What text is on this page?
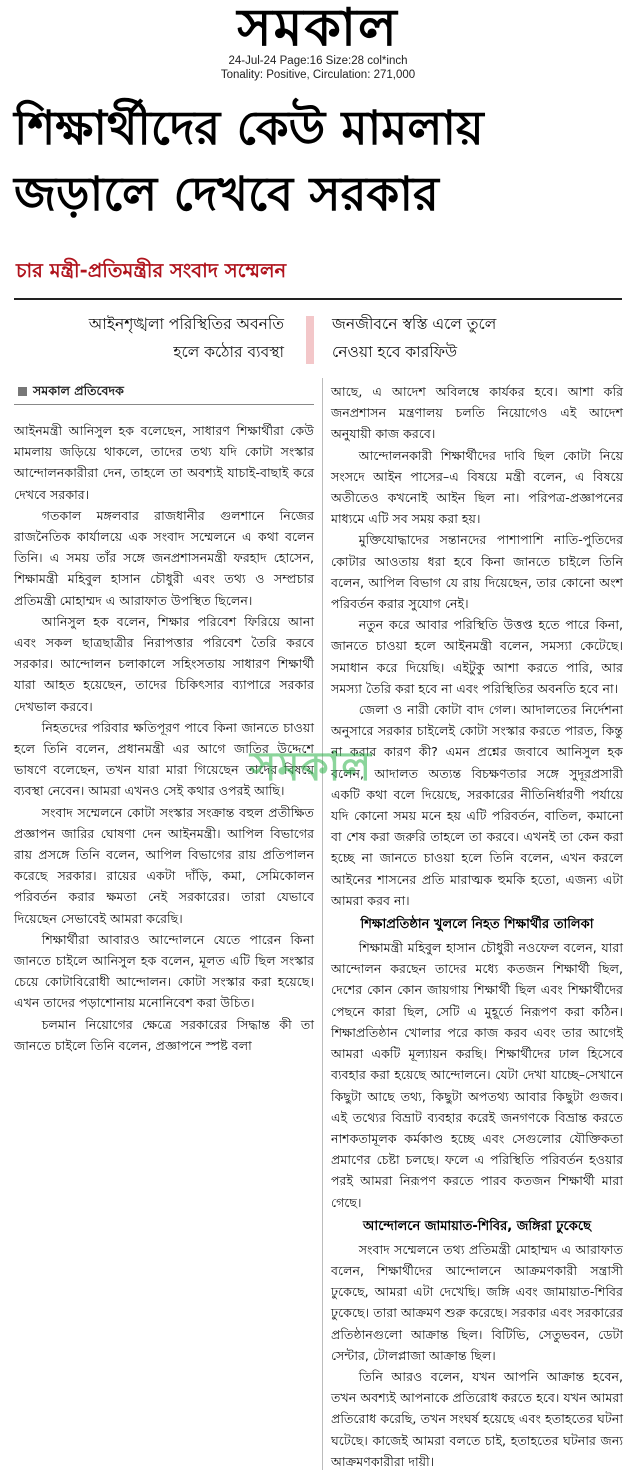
সমকাল
24-Jul-24 Page:16 Size:28 col*inch
Tonality: Positive, Circulation: 271,000
শিক্ষার্থীদের কেউ মামলায়
জড়ালে দেখবে সরকার
চার মন্ত্রী-প্রতিমন্ত্রীর সংবাদ সম্মেলন
আইনশৃঙ্খলা পরিস্থিতির অবনতি
হলে কঠোর ব্যবস্থা
জনজীবনে স্বস্তি এলে তুলে
নেওয়া হবে কারফিউ
সমকাল প্রতিবেদক

আইনমন্ত্রী আনিসুল হক বলেছেন, সাধারণ শিক্ষার্থীরা কেউ মামলায় জড়িয়ে থাকলে, তাদের তথ্য যদি কোটা সংস্কার আন্দোলনকারীরা দেন, তাহলে তা অবশ্যই যাচাই-বাছাই করে দেখবে সরকার।

গতকাল মঙ্গলবার রাজধানীর গুলশানে নিজের রাজনৈতিক কার্যালয়ে এক সংবাদ সম্মেলনে এ কথা বলেন তিনি। এ সময় তাঁর সঙ্গে জনপ্রশাসনমন্ত্রী ফরহাদ হোসেন, শিক্ষামন্ত্রী মহিবুল হাসান চৌধুরী এবং তথ্য ও সম্প্রচার প্রতিমন্ত্রী মোহাম্মদ এ আরাফাত উপস্থিত ছিলেন।

আনিসুল হক বলেন, শিক্ষার পরিবেশ ফিরিয়ে আনা এবং সকল ছাত্রছাত্রীর নিরাপত্তার পরিবেশ তৈরি করবে সরকার। আন্দোলন চলাকালে সহিংসতায় সাধারণ শিক্ষার্থী যারা আহত হয়েছেন, তাদের চিকিৎসার ব্যাপারে সরকার দেখভাল করবে।

নিহতদের পরিবার ক্ষতিপূরণ পাবে কিনা জানতে চাওয়া হলে তিনি বলেন, প্রধানমন্ত্রী এর আগে জাতির উদ্দেশে ভাষণে বলেছেন, তখন যারা মারা গিয়েছেন তাদের বিষয়ে ব্যবস্থা নেবেন। আমরা এখনও সেই কথার ওপরই আছি।

সংবাদ সম্মেলনে কোটা সংস্কার সংক্রান্ত বহুল প্রতীক্ষিত প্রজ্ঞাপন জারির ঘোষণা দেন আইনমন্ত্রী। আপিল বিভাগের রায় প্রসঙ্গে তিনি বলেন, আপিল বিভাগের রায় প্রতিপালন করেছে সরকার। রায়ের একটা দাঁড়ি, কমা, সেমিকোলন পরিবর্তন করার ক্ষমতা নেই সরকারের। তারা যেভাবে দিয়েছেন সেভাবেই আমরা করেছি।

শিক্ষার্থীরা আবারও আন্দোলনে যেতে পারেন কিনা জানতে চাইলে আনিসুল হক বলেন, মূলত এটি ছিল সংস্কার চেয়ে কোটাবিরোধী আন্দোলন। কোটা সংস্কার করা হয়েছে। এখন তাদের পড়াশোনায় মনোনিবেশ করা উচিত।

চলমান নিয়োগের ক্ষেত্রে সরকারের সিদ্ধান্ত কী তা জানতে চাইলে তিনি বলেন, প্রজ্ঞাপনে স্পষ্ট বলা

আছে, এ আদেশ অবিলম্বে কার্যকর হবে। আশা করি জনপ্রশাসন মন্ত্রণালয় চলতি নিয়োগেও এই আদেশ অনুযায়ী কাজ করবে।

আন্দোলনকারী শিক্ষার্থীদের দাবি ছিল কোটা নিয়ে সংসদে আইন পাসের–এ বিষয়ে মন্ত্রী বলেন, এ বিষয়ে অতীতেও কখনোই আইন ছিল না। পরিপত্র-প্রজ্ঞাপনের মাধ্যমে এটি সব সময় করা হয়।

মুক্তিযোদ্ধাদের সন্তানদের পাশাপাশি নাতি-পুতিদের কোটার আওতায় ধরা হবে কিনা জানতে চাইলে তিনি বলেন, আপিল বিভাগ যে রায় দিয়েছেন, তার কোনো অংশ পরিবর্তন করার সুযোগ নেই।

নতুন করে আবার পরিস্থিতি উত্তপ্ত হতে পারে কিনা, জানতে চাওয়া হলে আইনমন্ত্রী বলেন, সমস্যা কেটেছে। সমাধান করে দিয়েছি। এইটুকু আশা করতে পারি, আর সমস্যা তৈরি করা হবে না এবং পরিস্থিতির অবনতি হবে না।

জেলা ও নারী কোটা বাদ গেল। আদালতের নির্দেশনা অনুসারে সরকার চাইলেই কোটা সংস্কার করতে পারত, কিন্তু না করার কারণ কী? এমন প্রশ্নের জবাবে আনিসুল হক বলেন, আদালত অত্যন্ত বিচক্ষণতার সঙ্গে সুদূরপ্রসারী একটি কথা বলে দিয়েছে, সরকারের নীতিনির্ধারণী পর্যায়ে যদি কোনো সময় মনে হয় এটি পরিবর্তন, বাতিল, কমানো বা শেষ করা জরুরি তাহলে তা করবে। এখনই তা কেন করা হচ্ছে না জানতে চাওয়া হলে তিনি বলেন, এখন করলে আইনের শাসনের প্রতি মারাত্মক হুমকি হতো, এজন্য এটা আমরা করব না।

শিক্ষাপ্রতিষ্ঠান খুললে নিহত শিক্ষার্থীর তালিকা

শিক্ষামন্ত্রী মহিবুল হাসান চৌধুরী নওফেল বলেন, যারা আন্দোলন করছেন তাদের মধ্যে কতজন শিক্ষার্থী ছিল, দেশের কোন কোন জায়গায় শিক্ষার্থী ছিল এবং শিক্ষার্থীদের পেছনে কারা ছিল, সেটি এ মুহূর্তে নিরূপণ করা কঠিন। শিক্ষাপ্রতিষ্ঠান খোলার পরে কাজ করব এবং তার আগেই আমরা একটি মূল্যায়ন করছি। শিক্ষার্থীদের ঢাল হিসেবে ব্যবহার করা হয়েছে আন্দোলনে। যেটা দেখা যাচ্ছে–সেখানে কিছুটা আছে তথ্য, কিছুটা অপতথ্য আবার কিছুটা গুজব। এই তথ্যের বিভ্রাট ব্যবহার করেই জনগণকে বিভ্রান্ত করতে নাশকতামূলক কর্মকাণ্ড হচ্ছে এবং সেগুলোর যৌক্তিকতা প্রমাণের চেষ্টা চলছে। ফলে এ পরিস্থিতি পরিবর্তন হওয়ার পরই আমরা নিরূপণ করতে পারব কতজন শিক্ষার্থী মারা গেছে।

আন্দোলনে জামায়াত-শিবির, জঙ্গিরা ঢুকেছে

সংবাদ সম্মেলনে তথ্য প্রতিমন্ত্রী মোহাম্মদ এ আরাফাত বলেন, শিক্ষার্থীদের আন্দোলনে আক্রমণকারী সন্ত্রাসী ঢুকেছে, আমরা এটা দেখেছি। জঙ্গি এবং জামায়াত-শিবির ঢুকেছে। তারা আক্রমণ শুরু করেছে। সরকার এবং সরকারের প্রতিষ্ঠানগুলো আক্রান্ত ছিল। বিটিভি, সেতুভবন, ডেটা সেন্টার, টোলপ্লাজা আক্রান্ত ছিল।

তিনি আরও বলেন, যখন আপনি আক্রান্ত হবেন, তখন অবশ্যই আপনাকে প্রতিরোধ করতে হবে। যখন আমরা প্রতিরোধ করেছি, তখন সংঘর্ষ হয়েছে এবং হতাহতের ঘটনা ঘটেছে। কাজেই আমরা বলতে চাই, হতাহতের ঘটনার জন্য আক্রমণকারীরা দায়ী।

সমকাল
